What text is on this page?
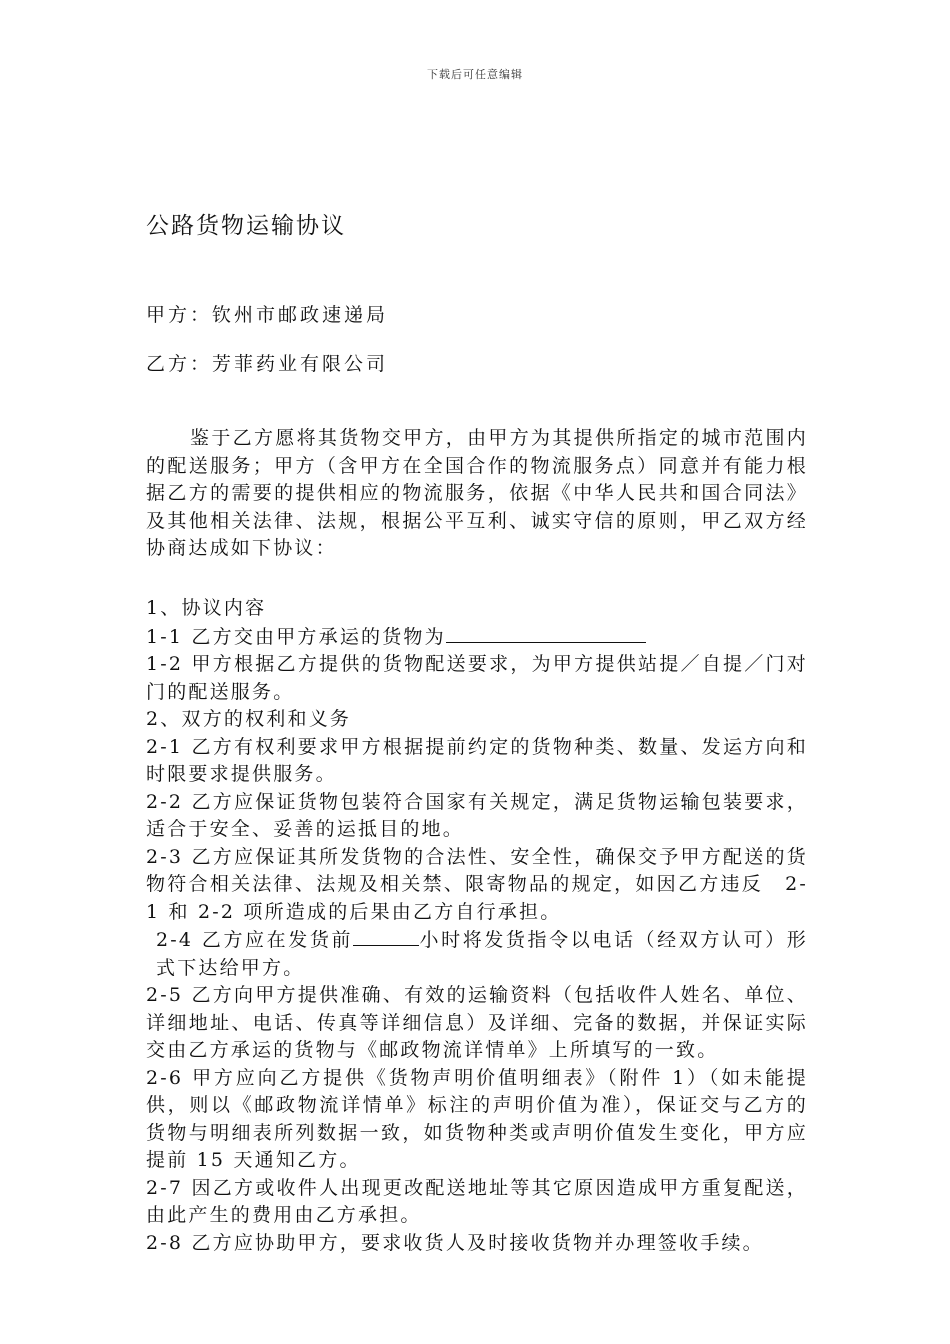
下载后可任意编辑
公路货物运输协议

甲方：钦州市邮政速递局

乙方：芳菲药业有限公司

鉴于乙方愿将其货物交甲方，由甲方为其提供所指定的城市范围内的配送服务；甲方（含甲方在全国合作的物流服务点）同意并有能力根据乙方的需要的提供相应的物流服务，依据《中华人民共和国合同法》及其他相关法律、法规，根据公平互利、诚实守信的原则，甲乙双方经协商达成如下协议：

1、协议内容

1-1 乙方交由甲方承运的货物为

1-2 甲方根据乙方提供的货物配送要求，为甲方提供站提／自提／门对门的配送服务。

2、双方的权利和义务

2-1 乙方有权利要求甲方根据提前约定的货物种类、数量、发运方向和时限要求提供服务。

2-2 乙方应保证货物包装符合国家有关规定，满足货物运输包装要求，适合于安全、妥善的运抵目的地。

2-3 乙方应保证其所发货物的合法性、安全性，确保交予甲方配送的货物符合相关法律、法规及相关禁、限寄物品的规定，如因乙方违反 2-1 和 2-2 项所造成的后果由乙方自行承担。

2-4 乙方应在发货前	小时将发货指令以电话（经双方认可）形式下达给甲方。

2-5 乙方向甲方提供准确、有效的运输资料（包括收件人姓名、单位、详细地址、电话、传真等详细信息）及详细、完备的数据，并保证实际交由乙方承运的货物与《邮政物流详情单》上所填写的一致。

2-6 甲方应向乙方提供《货物声明价值明细表》（附件 1）（如未能提供，则以《邮政物流详情单》标注的声明价值为准），保证交与乙方的货物与明细表所列数据一致，如货物种类或声明价值发生变化，甲方应提前 15 天通知乙方。

2-7 因乙方或收件人出现更改配送地址等其它原因造成甲方重复配送，由此产生的费用由乙方承担。

2-8 乙方应协助甲方，要求收货人及时接收货物并办理签收手续。
